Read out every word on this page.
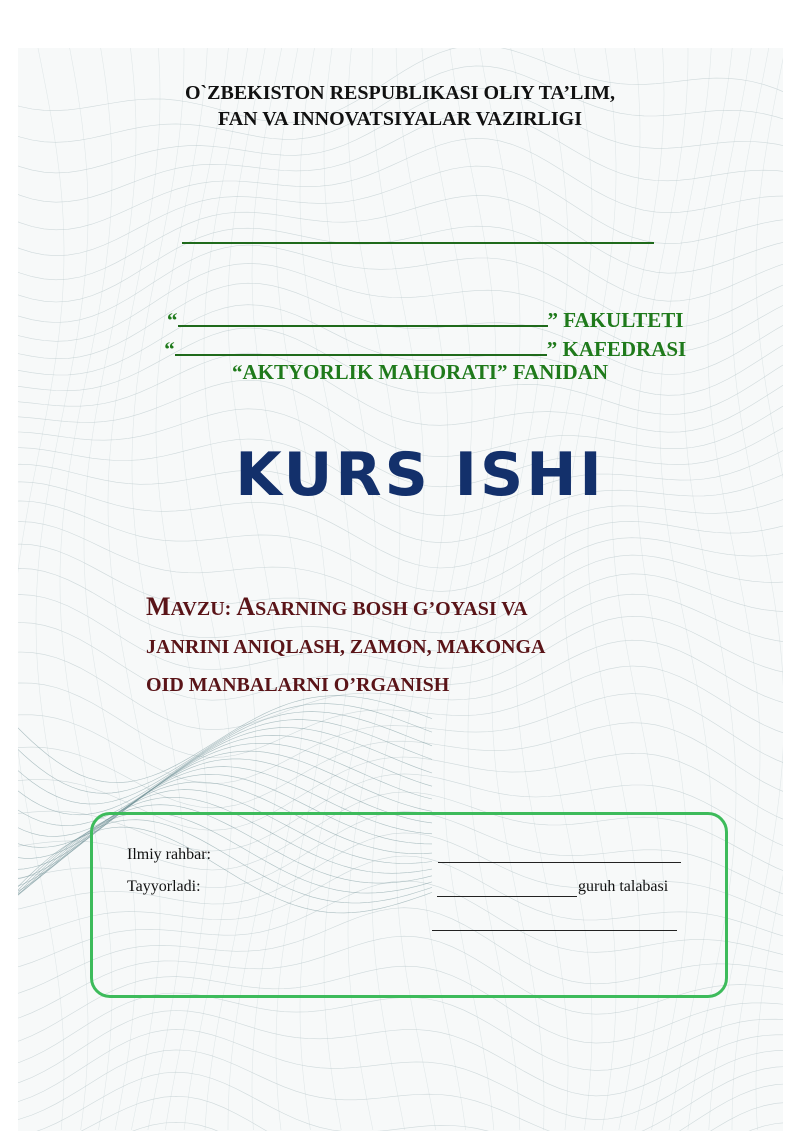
O`ZBEKISTON RESPUBLIKASI OLIY TA’LIM,
FAN VA INNOVATSIYALAR VAZIRLIGI

“	” FAKULTETI

“	” KAFEDRASI

“AKTYORLIK MAHORATI” FANIDAN
KURS ISHI
MAVZU: ASARNING BOSH G’OYASI VA
JANRINI ANIQLASH, ZAMON, MAKONGA
OID MANBALARNI O’RGANISH
Ilmiy rahbar:
Tayyorladi:	guruh talabasi
